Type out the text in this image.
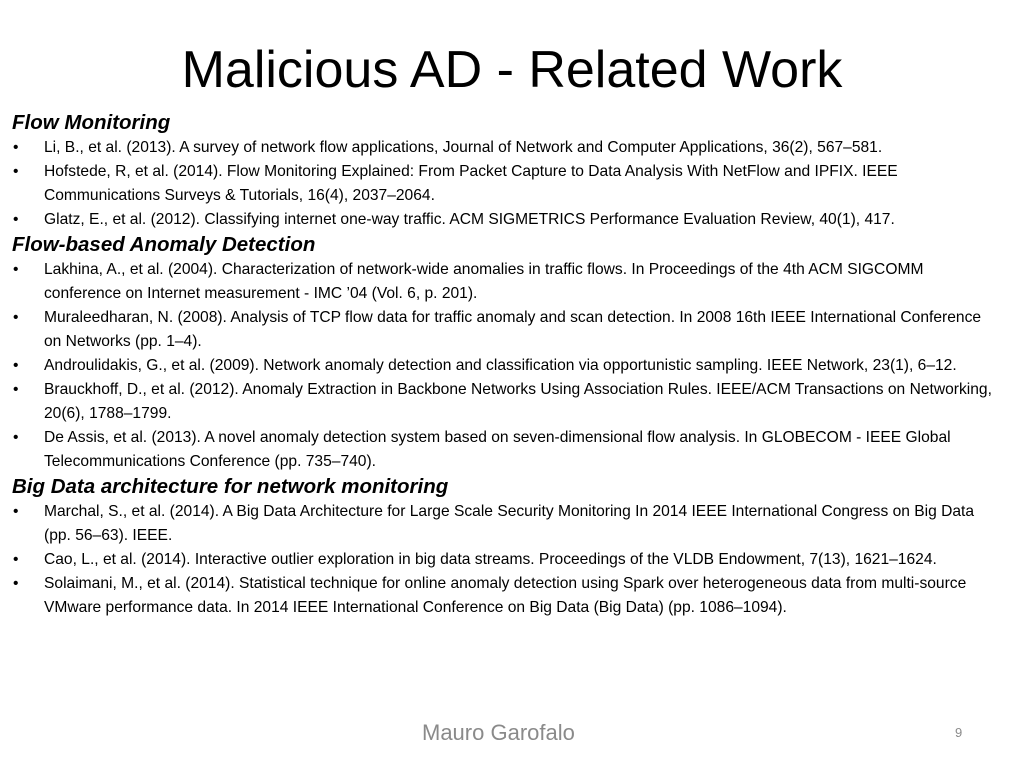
Malicious AD - Related Work
Flow Monitoring
•	Li, B., et al. (2013). A survey of network flow applications, Journal of Network and Computer Applications, 36(2), 567–581.
•	Hofstede, R, et al. (2014). Flow Monitoring Explained: From Packet Capture to Data Analysis With NetFlow and IPFIX. IEEE Communications Surveys & Tutorials, 16(4), 2037–2064.
•	Glatz, E., et al. (2012). Classifying internet one-way traffic. ACM SIGMETRICS Performance Evaluation Review, 40(1), 417.
Flow-based Anomaly Detection
•	Lakhina, A., et al. (2004). Characterization of network-wide anomalies in traffic flows. In Proceedings of the 4th ACM SIGCOMM conference on Internet measurement - IMC ’04 (Vol. 6, p. 201).
•	Muraleedharan, N. (2008). Analysis of TCP flow data for traffic anomaly and scan detection. In 2008 16th IEEE International Conference on Networks (pp. 1–4).
•	Androulidakis, G., et al. (2009). Network anomaly detection and classification via opportunistic sampling. IEEE Network, 23(1), 6–12.
•	Brauckhoff, D., et al. (2012). Anomaly Extraction in Backbone Networks Using Association Rules. IEEE/ACM Transactions on Networking, 20(6), 1788–1799.
•	De Assis, et al. (2013). A novel anomaly detection system based on seven-dimensional flow analysis. In GLOBECOM - IEEE Global Telecommunications Conference (pp. 735–740).
Big Data architecture for network monitoring
•	Marchal, S., et al. (2014). A Big Data Architecture for Large Scale Security Monitoring In 2014 IEEE International Congress on Big Data (pp. 56–63). IEEE.
•	Cao, L., et al. (2014). Interactive outlier exploration in big data streams. Proceedings of the VLDB Endowment, 7(13), 1621–1624.
•	Solaimani, M., et al. (2014). Statistical technique for online anomaly detection using Spark over heterogeneous data from multi-source VMware performance data. In 2014 IEEE International Conference on Big Data (Big Data) (pp. 1086–1094).
Mauro Garofalo	9
